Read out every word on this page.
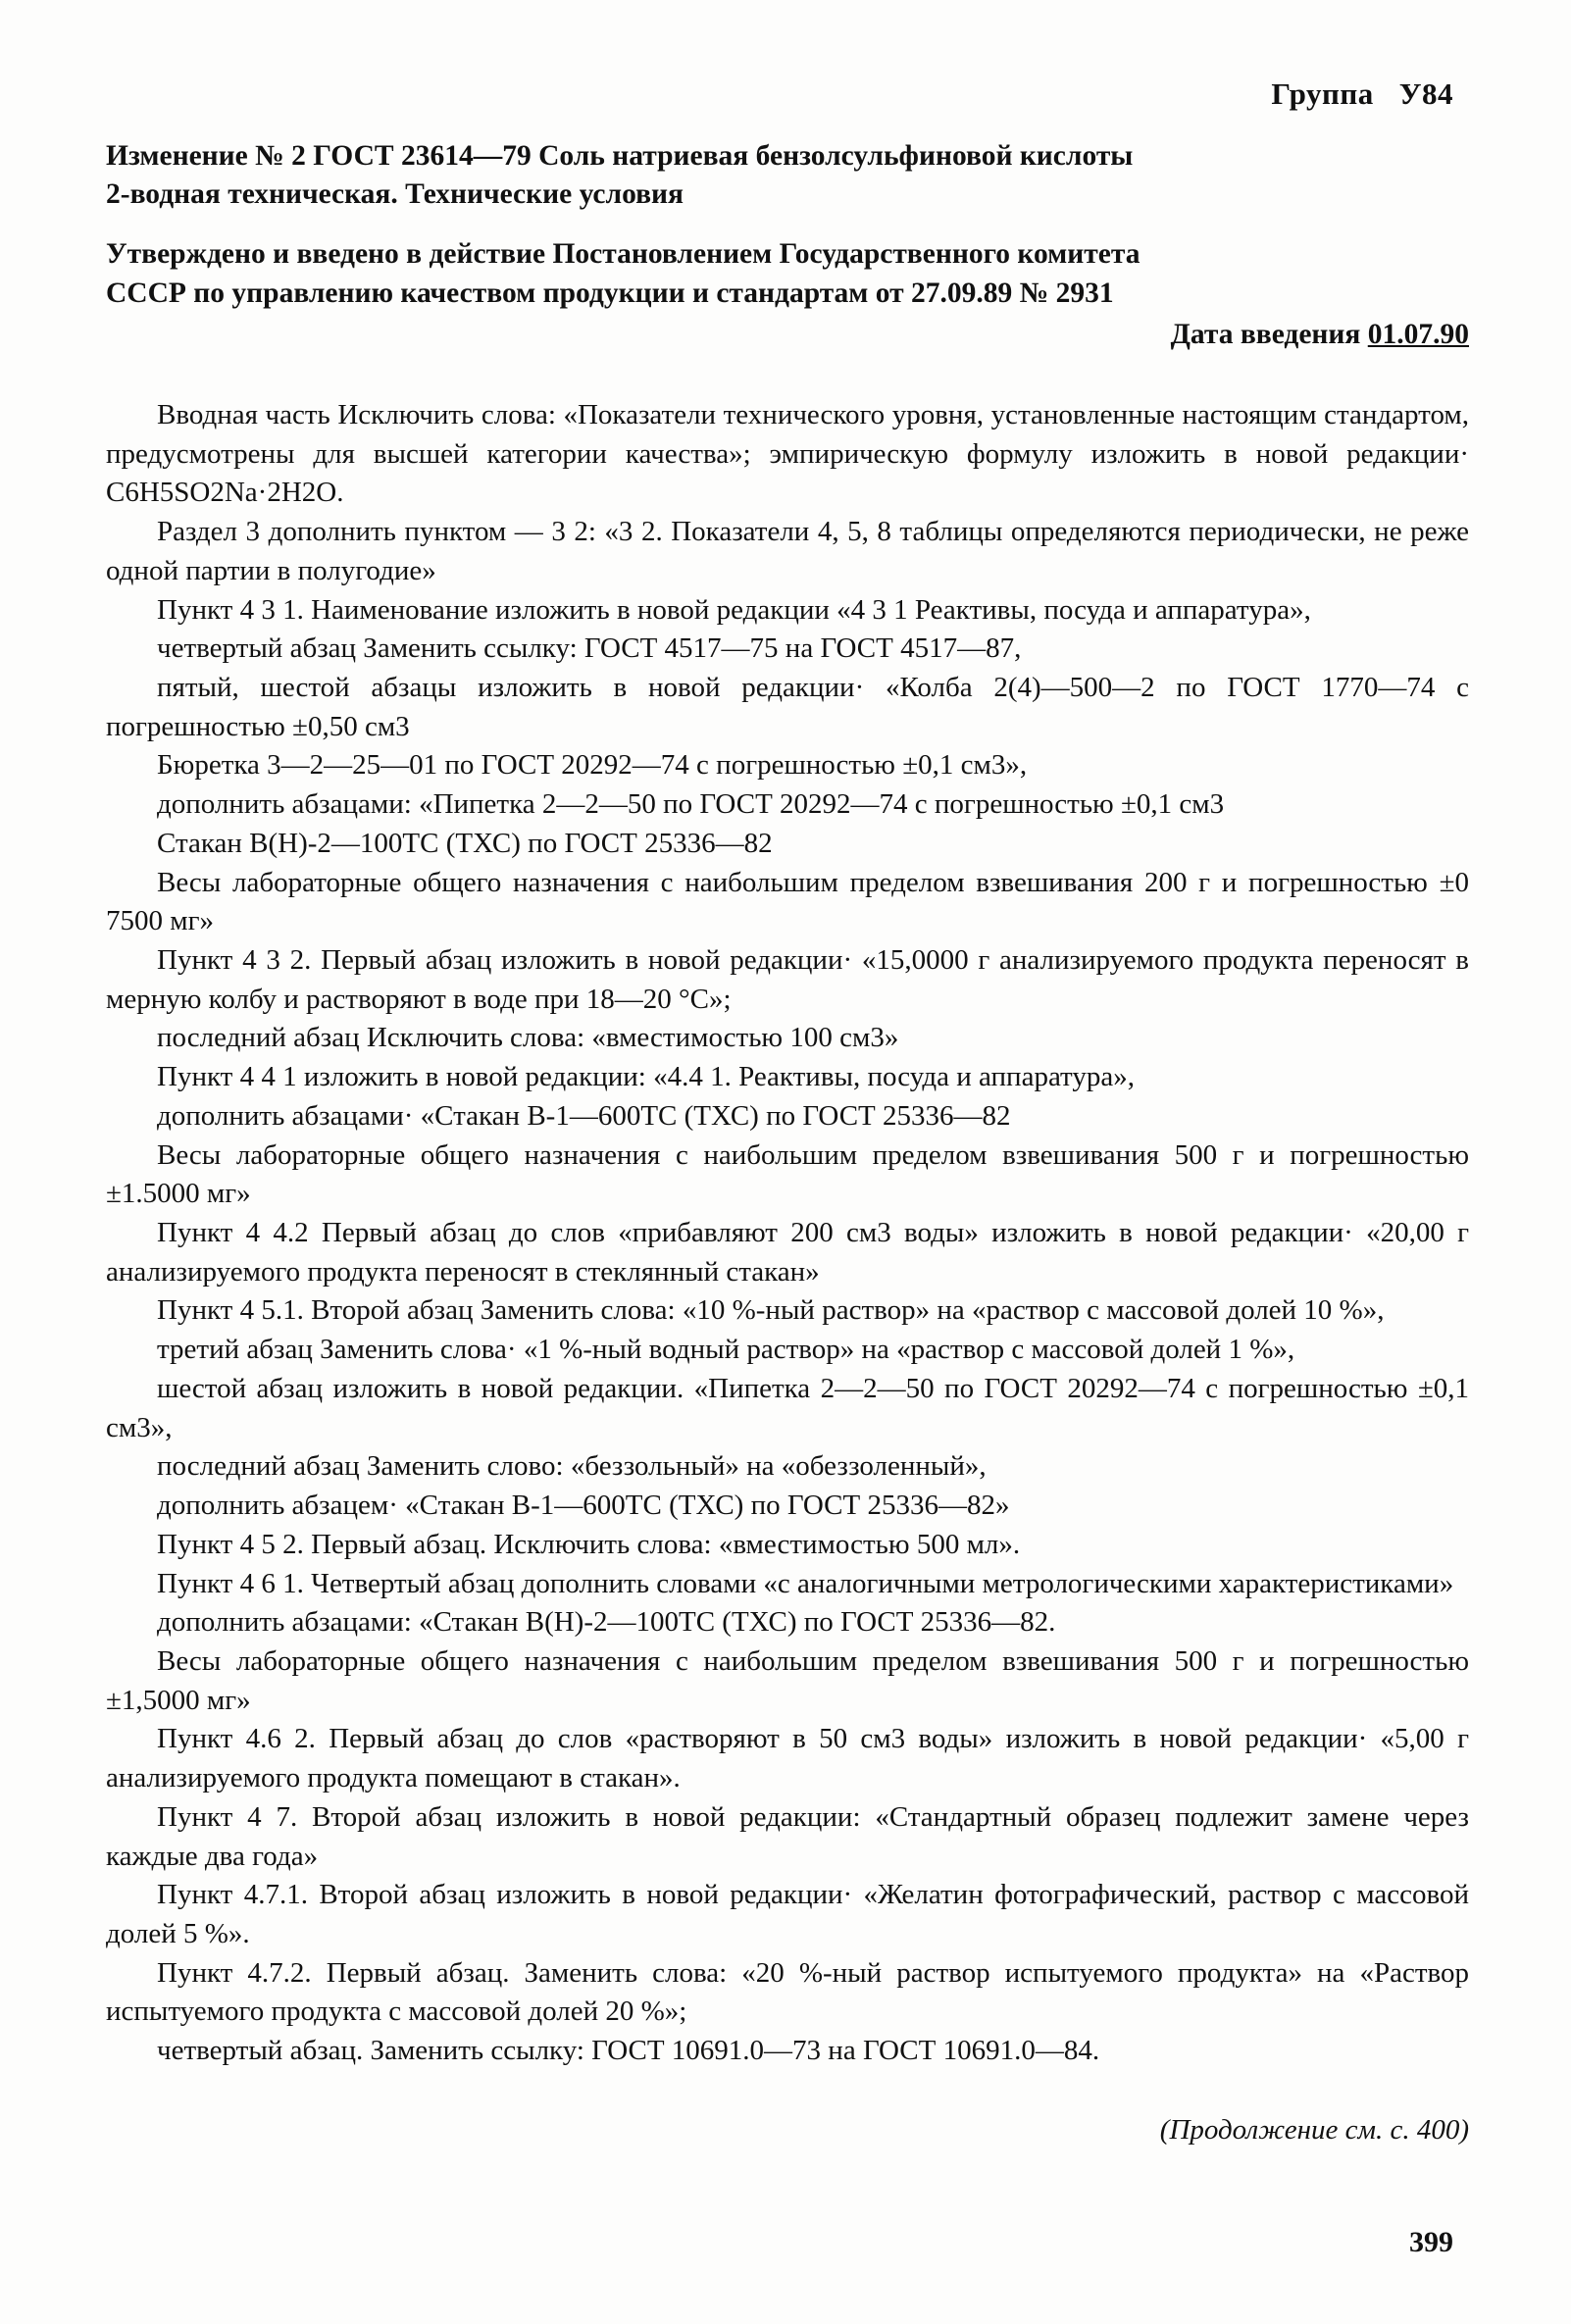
Группа У84
Изменение № 2 ГОСТ 23614—79 Соль натриевая бензолсульфиновой кислоты
2-водная техническая. Технические условия
Утверждено и введено в действие Постановлением Государственного комитета
СССР по управлению качеством продукции и стандартам от 27.09.89 № 2931
Дата введения 01.07.90

Вводная часть Исключить слова: «Показатели технического уровня, установленные настоящим стандартом, предусмотрены для высшей категории качества»; эмпирическую формулу изложить в новой редакции· C6H5SO2Na·2H2O.

Раздел 3 дополнить пунктом — 3 2: «3 2. Показатели 4, 5, 8 таблицы определяются периодически, не реже одной партии в полугодие»

Пункт 4 3 1. Наименование изложить в новой редакции «4 3 1 Реактивы, посуда и аппаратура»,

четвертый абзац Заменить ссылку: ГОСТ 4517—75 на ГОСТ 4517—87,

пятый, шестой абзацы изложить в новой редакции· «Колба 2(4)—500—2 по ГОСТ 1770—74 с погрешностью ±0,50 см3

Бюретка 3—2—25—01 по ГОСТ 20292—74 с погрешностью ±0,1 см3»,

дополнить абзацами: «Пипетка 2—2—50 по ГОСТ 20292—74 с погрешностью ±0,1 см3

Стакан В(Н)-2—100ТС (ТХС) по ГОСТ 25336—82

Весы лабораторные общего назначения с наибольшим пределом взвешивания 200 г и погрешностью ±0 7500 мг»

Пункт 4 3 2. Первый абзац изложить в новой редакции· «15,0000 г анализируемого продукта переносят в мерную колбу и растворяют в воде при 18—20 °С»;

последний абзац Исключить слова: «вместимостью 100 см3»

Пункт 4 4 1 изложить в новой редакции: «4.4 1. Реактивы, посуда и аппаратура»,

дополнить абзацами· «Стакан В-1—600ТС (ТХС) по ГОСТ 25336—82

Весы лабораторные общего назначения с наибольшим пределом взвешивания 500 г и погрешностью ±1.5000 мг»

Пункт 4 4.2 Первый абзац до слов «прибавляют 200 см3 воды» изложить в новой редакции· «20,00 г анализируемого продукта переносят в стеклянный стакан»

Пункт 4 5.1. Второй абзац Заменить слова: «10 %-ный раствор» на «раствор с массовой долей 10 %»,

третий абзац Заменить слова· «1 %-ный водный раствор» на «раствор с массовой долей 1 %»,

шестой абзац изложить в новой редакции. «Пипетка 2—2—50 по ГОСТ 20292—74 с погрешностью ±0,1 см3»,

последний абзац Заменить слово: «беззольный» на «обеззоленный»,

дополнить абзацем· «Стакан В-1—600ТС (ТХС) по ГОСТ 25336—82»

Пункт 4 5 2. Первый абзац. Исключить слова: «вместимостью 500 мл».

Пункт 4 6 1. Четвертый абзац дополнить словами «с аналогичными метрологическими характеристиками»

дополнить абзацами: «Стакан В(Н)-2—100ТС (ТХС) по ГОСТ 25336—82.

Весы лабораторные общего назначения с наибольшим пределом взвешивания 500 г и погрешностью ±1,5000 мг»

Пункт 4.6 2. Первый абзац до слов «растворяют в 50 см3 воды» изложить в новой редакции· «5,00 г анализируемого продукта помещают в стакан».

Пункт 4 7. Второй абзац изложить в новой редакции: «Стандартный образец подлежит замене через каждые два года»

Пункт 4.7.1. Второй абзац изложить в новой редакции· «Желатин фотографический, раствор с массовой долей 5 %».

Пункт 4.7.2. Первый абзац. Заменить слова: «20 %-ный раствор испытуемого продукта» на «Раствор испытуемого продукта с массовой долей 20 %»;

четвертый абзац. Заменить ссылку: ГОСТ 10691.0—73 на ГОСТ 10691.0—84.

(Продолжение см. с. 400)
399
